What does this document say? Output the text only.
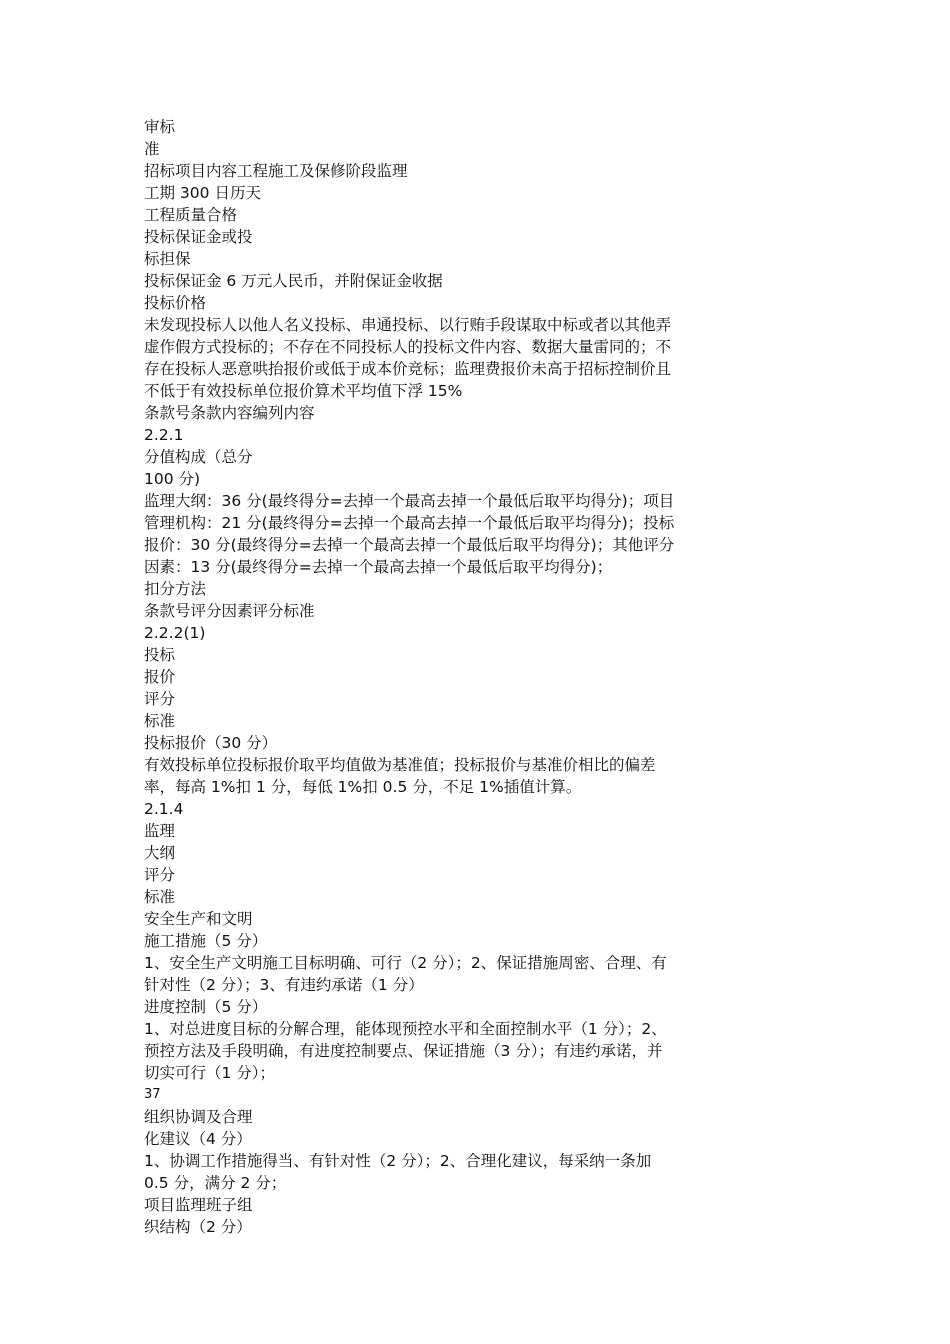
审标
准
招标项目内容工程施工及保修阶段监理
工期 300 日历天
工程质量合格
投标保证金或投
标担保
投标保证金 6 万元人民币，并附保证金收据
投标价格
未发现投标人以他人名义投标、串通投标、以行贿手段谋取中标或者以其他弄
虚作假方式投标的；不存在不同投标人的投标文件内容、数据大量雷同的；不
存在投标人恶意哄抬报价或低于成本价竞标；监理费报价未高于招标控制价且
不低于有效投标单位报价算术平均值下浮 15%
条款号条款内容编列内容
2.2.1
分值构成（总分
100 分)
监理大纲：36 分(最终得分=去掉一个最高去掉一个最低后取平均得分)；项目
管理机构：21 分(最终得分=去掉一个最高去掉一个最低后取平均得分)；投标
报价：30 分(最终得分=去掉一个最高去掉一个最低后取平均得分)；其他评分
因素：13 分(最终得分=去掉一个最高去掉一个最低后取平均得分)；
扣分方法
条款号评分因素评分标准
2.2.2(1)
投标
报价
评分
标准
投标报价（30 分）
有效投标单位投标报价取平均值做为基准值；投标报价与基准价相比的偏差
率，每高 1%扣 1 分，每低 1%扣 0.5 分，不足 1%插值计算。
2.1.4
监理
大纲
评分
标准
安全生产和文明
施工措施（5 分）
1、安全生产文明施工目标明确、可行（2 分）；2、保证措施周密、合理、有
针对性（2 分）；3、有违约承诺（1 分）
进度控制（5 分）
1、对总进度目标的分解合理，能体现预控水平和全面控制水平（1 分）；2、
预控方法及手段明确，有进度控制要点、保证措施（3 分）；有违约承诺，并
切实可行（1 分）；
37
组织协调及合理
化建议（4 分）
1、协调工作措施得当、有针对性（2 分）；2、合理化建议，每采纳一条加
0.5 分，满分 2 分；
项目监理班子组
织结构（2 分）
